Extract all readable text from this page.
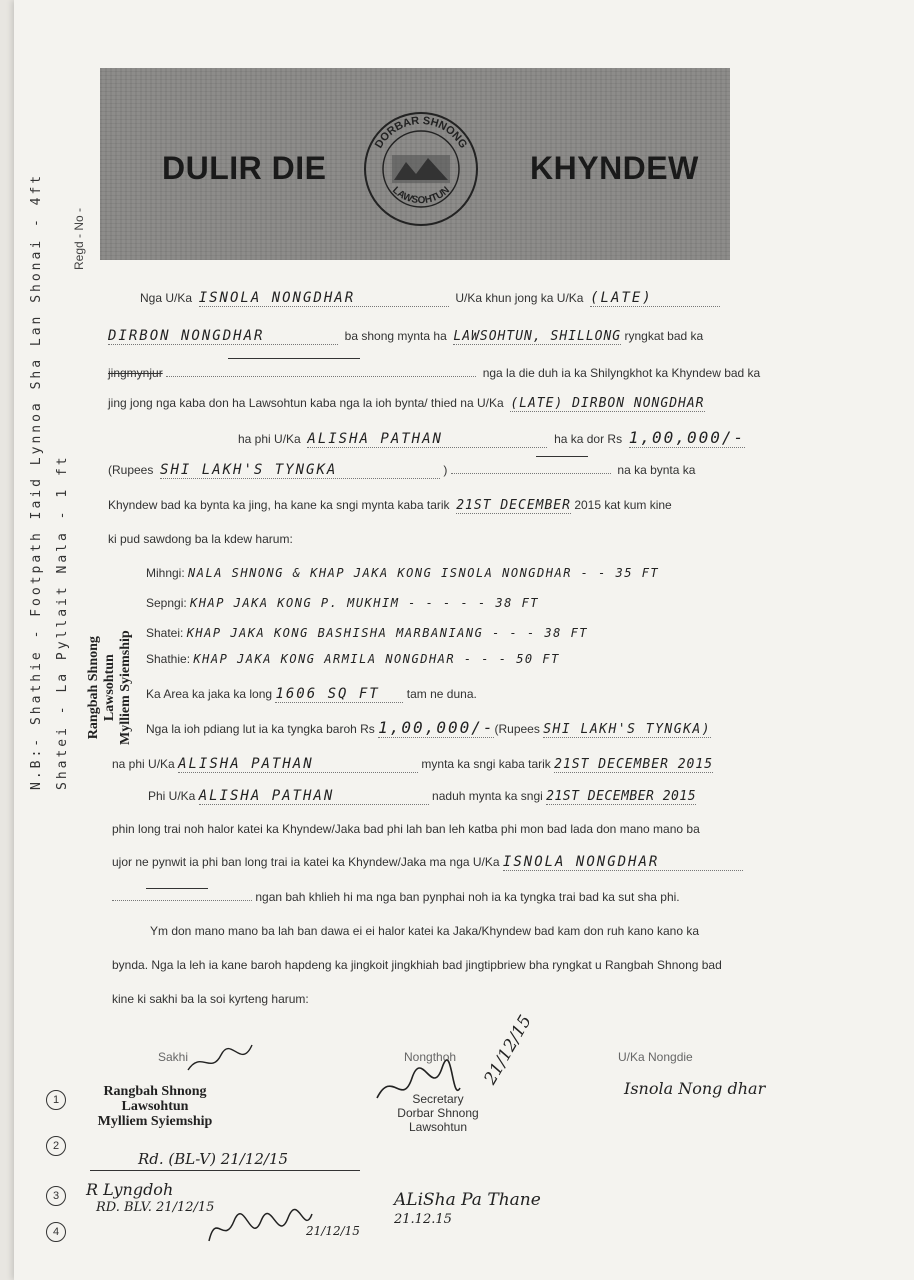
DULIR DIE	KHYNDEW
DORBAR SHNONG
LAWSOHTUN
Regd - No -
N.B:- Shathie - Footpath Iaid Lynnoa Sha Lan Shonai - 4ft Shatei - La Pyllait Nala - 1 ft	Rangbah Shnong Lawsohtun Mylliem Syiemship
Nga U/Ka ISNOLA NONGDHAR	U/Ka khun jong ka U/Ka (LATE)
DIRBON NONGDHAR	ba shong mynta ha LAWSOHTUN, SHILLONG ryngkat bad ka
jingmynjur	nga la die duh ia ka Shilyngkhot ka Khyndew bad ka
jing jong nga kaba don ha Lawsohtun kaba nga la ioh bynta/ thied na U/Ka (LATE) DIRBON NONGDHAR
ha phi U/Ka ALISHA PATHAN	ha ka dor Rs 1,00,000/-
(Rupees SHI LAKH'S TYNGKA	)	na ka bynta ka
Khyndew bad ka bynta ka jing, ha kane ka sngi mynta kaba tarik 21ST DECEMBER 2015 kat kum kine
ki pud sawdong ba la kdew harum:
Mihngi: NALA SHNONG & KHAP JAKA KONG ISNOLA NONGDHAR - - 35 FT
Sepngi: KHAP JAKA KONG P. MUKHIM - - - - - 38 FT
Shatei: KHAP JAKA KONG BASHISHA MARBANIANG - - - 38 FT
Shathie: KHAP JAKA KONG ARMILA NONGDHAR - - - 50 FT
Ka Area ka jaka ka long 1606 SQ FT tam ne duna.
Nga la ioh pdiang lut ia ka tyngka baroh Rs 1,00,000/-(Rupees SHI LAKH'S TYNGKA)
na phi U/Ka ALISHA PATHAN	mynta ka sngi kaba tarik 21ST DECEMBER 2015
Phi U/Ka ALISHA PATHAN	naduh mynta ka sngi 21ST DECEMBER 2015
phin long trai noh halor katei ka Khyndew/Jaka bad phi lah ban leh katba phi mon bad lada don mano mano ba
ujor ne pynwit ia phi ban long trai ia katei ka Khyndew/Jaka ma nga U/Ka ISNOLA NONGDHAR
ngan bah khlieh hi ma nga ban pynphai noh ia ka tyngka trai bad ka sut sha phi.
Ym don mano mano ba lah ban dawa ei ei halor katei ka Jaka/Khyndew bad kam don ruh kano kano ka
bynda. Nga la leh ia kane baroh hapdeng ka jingkoit jingkhiah bad jingtipbriew bha ryngkat u Rangbah Shnong bad
kine ki sakhi ba la soi kyrteng harum:
Sakhi	Nongthoh	U/Ka Nongdie
Isnola Nong dhar
Secretary
Dorbar Shnong
Lawsohtun
21/12/15
1
Rangbah Shnong
Lawsohtun
Mylliem Syiemship
2
Rd. (BL-V) 21/12/15
3	R Lyngdoh
RD. BLV. 21/12/15
4	21/12/15
ALiSha Pa Thane
21.12.15
